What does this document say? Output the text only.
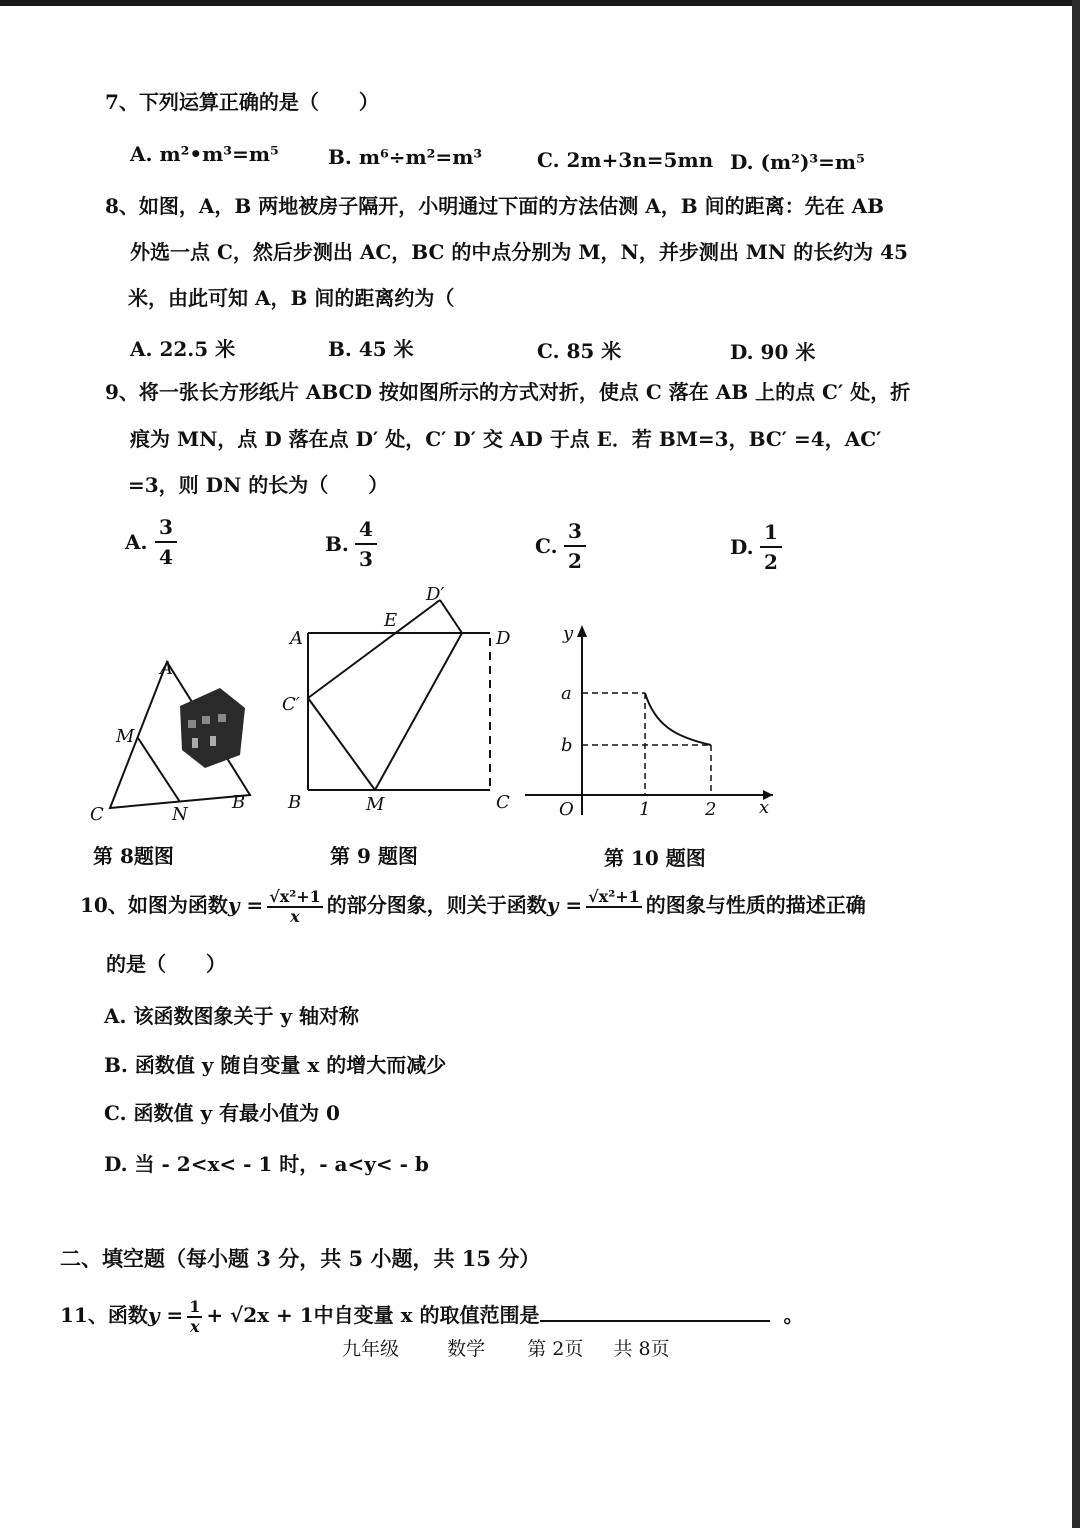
7、下列运算正确的是（　　）
A. m²•m³=m⁵ B. m⁶÷m²=m³	C. 2m+3n=5mn D. (m²)³=m⁵
8、如图，A，B 两地被房子隔开，小明通过下面的方法估测 A，B 间的距离：先在 AB
外选一点 C，然后步测出 AC，BC 的中点分别为 M，N，并步测出 MN 的长约为 45
米，由此可知 A，B 间的距离约为（
A. 22.5 米	B. 45 米	C. 85 米	D. 90 米
9、将一张长方形纸片 ABCD 按如图所示的方式对折，使点 C 落在 AB 上的点 C′ 处，折
痕为 MN，点 D 落在点 D′ 处，C′ D′ 交 AD 于点 E．若 BM=3，BC′ =4，AC′
=3，则 DN 的长为（　　）
A. $\frac{3}{4}$	B. $\frac{4}{3}$	C. $\frac{3}{2}$	D. $\frac{1}{2}$
A
M
C	N
B
第 8题图
A
E
D′
D
C′
B	M	C
第 9 题图
y
a
b
O	1	2 x
第 10 题图
10、如图为函数$y = \frac{\text{√x²+1}}{x}$ 的部分图象，则关于函数y = √x²+1
的图象与性质的描述正确
的是（　　）
A. 该函数图象关于 y 轴对称
B. 函数值 y 随自变量 x 的增大而减少
C. 函数值 y 有最小值为 0
D. 当 - 2<x< - 1 时，- a<y< - b
二、填空题（每小题 3 分，共 5 小题，共 15 分）
11、函数$y = \frac{1}{x} + √2x + 1$中自变量 x 的取值范围是	。
九年级	数学 第 2页 共 8页
